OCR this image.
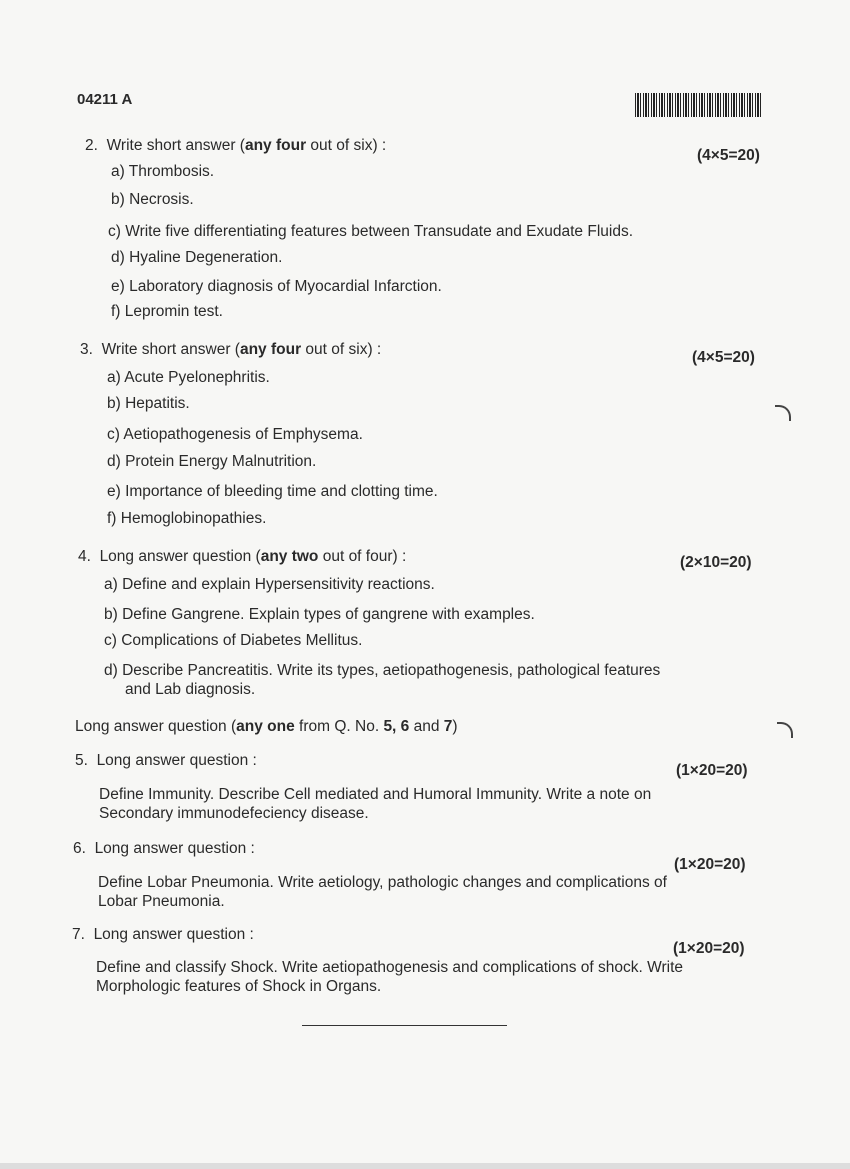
04211 A
2. Write short answer (any four out of six) :
(4×5=20)
a) Thrombosis.
b) Necrosis.
c) Write five differentiating features between Transudate and Exudate Fluids.
d) Hyaline Degeneration.
e) Laboratory diagnosis of Myocardial Infarction.
f) Lepromin test.
3. Write short answer (any four out of six) :	(4×5=20)
a) Acute Pyelonephritis.
b) Hepatitis.
c) Aetiopathogenesis of Emphysema.
d) Protein Energy Malnutrition.
e) Importance of bleeding time and clotting time.
f) Hemoglobinopathies.
4. Long answer question (any two out of four) :	(2×10=20)
a) Define and explain Hypersensitivity reactions.
b) Define Gangrene. Explain types of gangrene with examples.
c) Complications of Diabetes Mellitus.
d) Describe Pancreatitis. Write its types, aetiopathogenesis, pathological features
and Lab diagnosis.
Long answer question (any one from Q. No. 5, 6 and 7)
5. Long answer question :
(1×20=20)
Define Immunity. Describe Cell mediated and Humoral Immunity. Write a note on
Secondary immunodefeciency disease.
6. Long answer question :
(1×20=20)
Define Lobar Pneumonia. Write aetiology, pathologic changes and complications of
Lobar Pneumonia.
7. Long answer question :
(1×20=20)
Define and classify Shock. Write aetiopathogenesis and complications of shock. Write
Morphologic features of Shock in Organs.
